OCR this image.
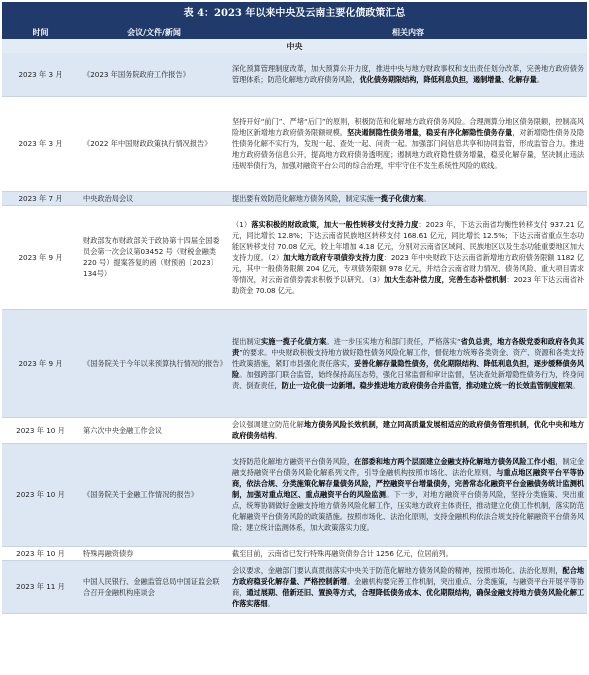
表 4：2023 年以来中央及云南主要化债政策汇总
时间	会议/文件/新闻	相关内容
中央
2023 年 3 月	《2023 年国务院政府工作报告》	深化预算管理制度改革，加大预算公开力度，推进中央与地方财政事权和支出责任划分改革，完善地方政府债务管理体系；防范化解地方政府债务风险，优化债务期限结构，降低利息负担，遏制增量、化解存量。
2023 年 3 月	《2022 年中国财政政策执行情况报告》	坚持开好“前门”、严堵“后门”的原则，积极防范和化解地方政府债务风险。合理测算分地区债务限额，控制高风险地区新增地方政府债务限额规模。坚决遏制隐性债务增量，稳妥有序化解隐性债务存量，对新增隐性债务及隐性债务化解不实行为，发现一起、查处一起、问责一起。加强部门间信息共享和协同监管，形成监管合力。推进地方政府债务信息公开，提高地方政府债务透明度；遏制地方政府隐性债务增量，稳妥化解存量，坚决制止违法违规举债行为，加强对融资平台公司的综合治理，牢牢守住不发生系统性风险的底线。
2023 年 7 月	中央政治局会议	提出要有效防范化解地方债务风险，制定实施一揽子化债方案。
2023 年 9 月	财政部发布财政部关于政协第十四届全国委员会第一次会议第03452 号（财税金融类 220 号）提案答复的函（财预函〔2023〕134号）	（1）落实积极的财政政策，加大一般性转移支付支持力度：2023 年，下达云南省均衡性转移支付 937.21 亿元，同比增长 12.8%；下达云南省民族地区转移支付 168.61 亿元，同比增长 12.5%；下达云南省重点生态功能区转移支付 70.08 亿元，较上年增加 4.18 亿元，分别对云南省区域间、民族地区以及生态功能重要地区加大支持力度。（2）加大地方政府专项债券支持力度：2023 年中央财政下达云南省新增地方政府债务限额 1182 亿元，其中一般债务限额 204 亿元，专项债务限额 978 亿元，并结合云南省财力情况、债务风险、重大项目需求等情况，对云南省债券需求积极予以研究。（3）加大生态补偿力度，完善生态补偿机制：2023 年下达云南省补助资金 70.08 亿元。
2023 年 9 月	《国务院关于今年以来预算执行情况的报告》	提出制定实施一揽子化债方案。进一步压实地方和部门责任，严格落实“省负总责，地方各级党委和政府各负其责”的要求。中央财政积极支持地方做好隐性债务风险化解工作，督促地方统筹各类资金、资产、资源和各类支持性政策措施，紧盯市县强化责任落实，妥善化解存量隐性债务，优化期限结构、降低利息负担，逐步缓释债务风险。加强跨部门联合监管，始终保持高压态势，强化日常监督和审计监督，坚决查处新增隐性债务行为，终身问责、倒查责任，防止一边化债一边新增。稳步推进地方政府债务合并监管，推动建立统一的长效监管制度框架。
2023 年 10 月	第六次中央金融工作会议	会议强调建立防范化解地方债务风险长效机制，建立同高质量发展相适应的政府债务管理机制，优化中央和地方政府债务结构。
2023 年 10 月	《国务院关于金融工作情况的报告》	支持防范化解地方融资平台债务风险，在部委和地方两个层面建立金融支持化解地方债务风险工作小组，制定金融支持融资平台债务风险化解系列文件，引导金融机构按照市场化、法治化原则，与重点地区融资平台平等协商，依法合规、分类施策化解存量债务风险，严控融资平台增量债务，完善常态化融资平台金融债务统计监测机制，加强对重点地区、重点融资平台的风险监测。下一步，对地方融资平台债务风险，坚持分类施策、突出重点，统筹协调做好金融支持地方债务风险化解工作，压实地方政府主体责任，推动建立化债工作机制，落实防范化解融资平台债务风险的政策措施。按照市场化、法治化原则，支持金融机构依法合规支持化解融资平台债务风险；建立统计监测体系，加大政策落实力度。
2023 年 10 月	特殊再融资债券	截至目前，云南省已发行特殊再融资债券合计 1256 亿元，位居前列。
2023 年 11 月	中国人民银行、金融监管总局中国证监会联合召开金融机构座谈会	会议要求，金融部门要认真贯彻落实中央关于防范化解地方债务风险的精神，按照市场化、法治化原则，配合地方政府稳妥化解存量、严格控制新增。金融机构要完善工作机制，突出重点、分类施策，与融资平台开展平等协商，通过展期、借新还旧、置换等方式，合理降低债务成本、优化期限结构，确保金融支持地方债务风险化解工作落实落细。
